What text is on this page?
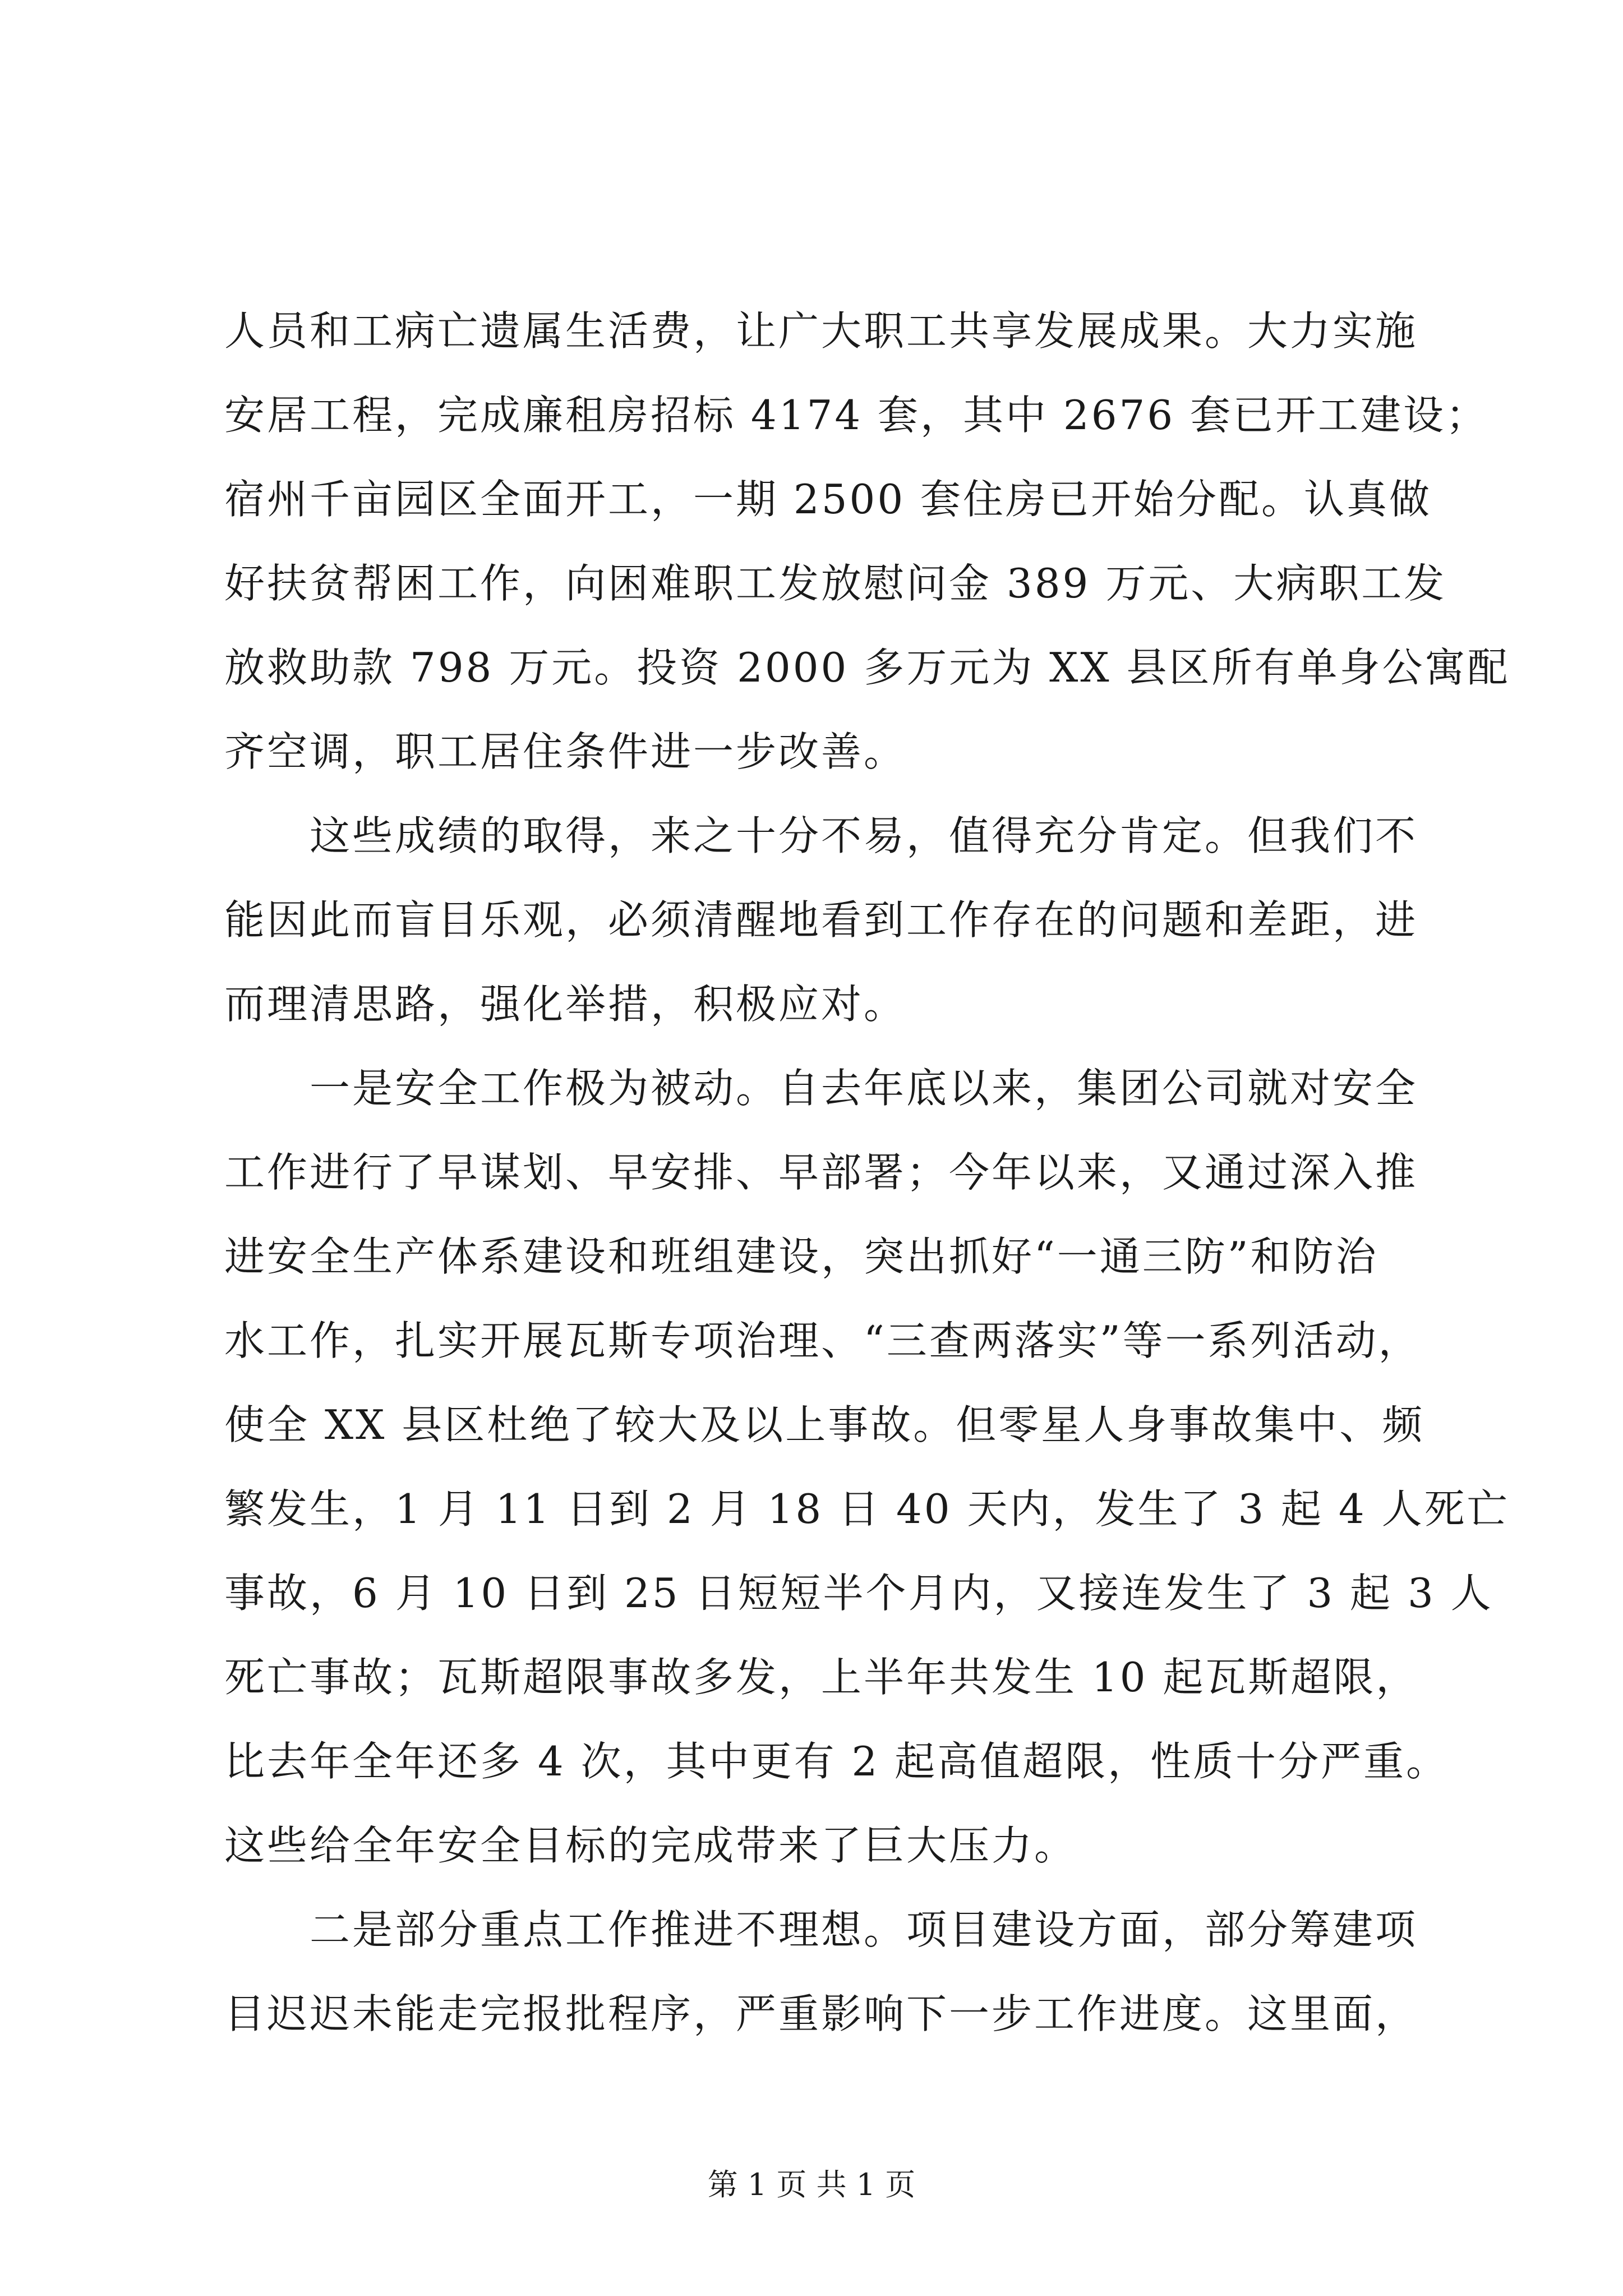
人员和工病亡遗属生活费，让广大职工共享发展成果。大力实施
安居工程，完成廉租房招标 4174 套，其中 2676 套已开工建设；
宿州千亩园区全面开工，一期 2500 套住房已开始分配。认真做
好扶贫帮困工作，向困难职工发放慰问金 389 万元、大病职工发
放救助款 798 万元。投资 2000 多万元为 XX 县区所有单身公寓配
齐空调，职工居住条件进一步改善。
　　这些成绩的取得，来之十分不易，值得充分肯定。但我们不
能因此而盲目乐观，必须清醒地看到工作存在的问题和差距，进
而理清思路，强化举措，积极应对。
　　一是安全工作极为被动。自去年底以来，集团公司就对安全
工作进行了早谋划、早安排、早部署；今年以来，又通过深入推
进安全生产体系建设和班组建设，突出抓好“一通三防”和防治
水工作，扎实开展瓦斯专项治理、“三查两落实”等一系列活动，
使全 XX 县区杜绝了较大及以上事故。但零星人身事故集中、频
繁发生，1 月 11 日到 2 月 18 日 40 天内，发生了 3 起 4 人死亡
事故，6 月 10 日到 25 日短短半个月内，又接连发生了 3 起 3 人
死亡事故；瓦斯超限事故多发，上半年共发生 10 起瓦斯超限，
比去年全年还多 4 次，其中更有 2 起高值超限，性质十分严重。
这些给全年安全目标的完成带来了巨大压力。
　　二是部分重点工作推进不理想。项目建设方面，部分筹建项
目迟迟未能走完报批程序，严重影响下一步工作进度。这里面，
第 1 页 共 1 页
